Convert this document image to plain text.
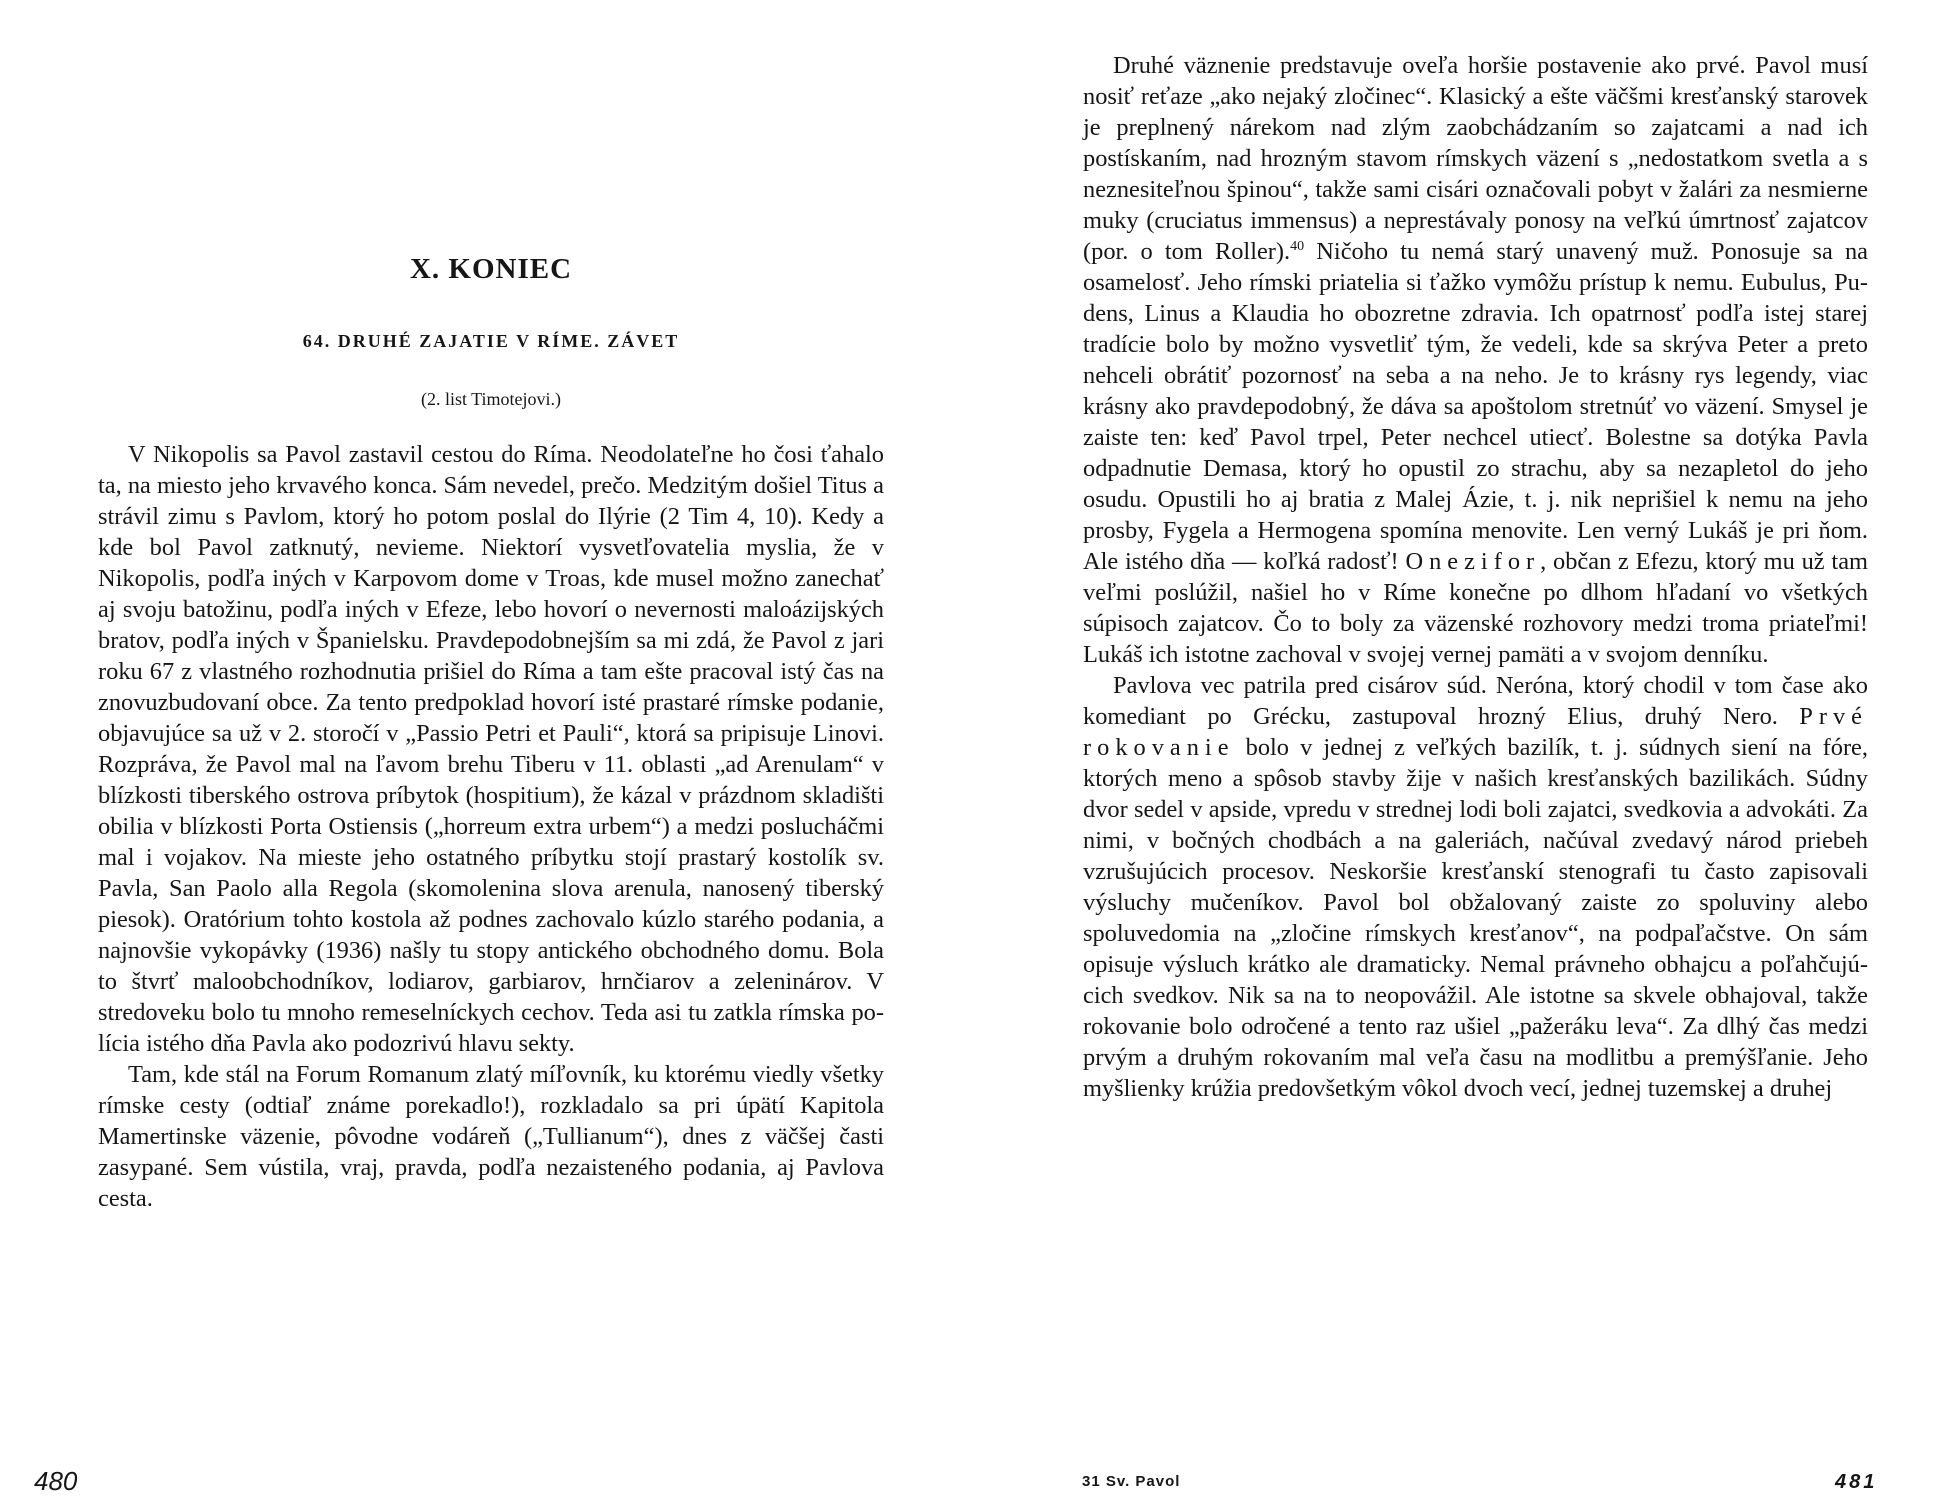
X. KONIEC
64. DRUHÉ ZAJATIE V RÍME. ZÁVET
(2. list Timotejovi.)

V Nikopolis sa Pavol zastavil cestou do Ríma. Neodolateľne ho čosi ťahalo ta, na miesto jeho krvavého konca. Sám nevedel, prečo. Medzitým došiel Titus a strávil zimu s Pavlom, ktorý ho potom poslal do Ilýrie (2 Tim 4, 10). Kedy a kde bol Pavol zatknutý, nevieme. Niektorí vysvetľovatelia myslia, že v Nikopolis, podľa iných v Karpovom dome v Troas, kde musel možno zanechať aj svoju batožinu, podľa iných v Efeze, lebo hovorí o nevernosti maloázijských bratov, podľa iných v Španielsku. Pravdepodobnejším sa mi zdá, že Pavol z jari roku 67 z vlastného rozhodnutia prišiel do Ríma a tam ešte pracoval istý čas na znovuzbudovaní obce. Za tento predpoklad hovorí isté prastaré rímske podanie, objavujúce sa už v 2. storočí v „Passio Petri et Pauli“, ktorá sa pripisuje Linovi. Rozpráva, že Pavol mal na ľavom brehu Tiberu v 11. oblasti „ad Arenulam“ v blízkosti tiberského ostrova príbytok (hospitium), že kázal v prázdnom skladišti obilia v blízkosti Porta Ostiensis („horreum extra urbem“) a medzi poslucháčmi mal i vojakov. Na mieste jeho ostatného príbytku stojí prastarý kostolík sv. Pavla, San Paolo alla Regola (skomolenina slova arenula, nanosený tiberský piesok). Oratórium tohto kostola až podnes zachovalo kúzlo starého podania, a najnovšie vykopávky (1936) našly tu stopy antického obchodného domu. Bola to štvrť maloobchodníkov, lodiarov, garbiarov, hrnčiarov a zeleninárov. V stredoveku bolo tu mnoho remeselníckych cechov. Teda asi tu zatkla rímska polícia istého dňa Pavla ako podozrivú hlavu sekty.

Tam, kde stál na Forum Romanum zlatý míľovník, ku ktorému viedly všetky rímske cesty (odtiaľ známe porekadlo!), rozkladalo sa pri úpätí Kapitola Mamertinske väzenie, pôvodne vodáreň („Tullianum“), dnes z väčšej časti zasypané. Sem vústila, vraj, pravda, podľa nezaisteného podania, aj Pavlova cesta.

480

Druhé väznenie predstavuje oveľa horšie postavenie ako prvé. Pavol musí nosiť reťaze „ako nejaký zločinec“. Klasický a ešte väčšmi kresťanský starovek je preplnený nárekom nad zlým zaobchádzaním so zajatcami a nad ich postískaním, nad hrozným stavom rímskych väzení s „nedostatkom svetla a s neznesiteľnou špinou“, takže sami cisári označovali pobyt v žalári za nesmierne muky (cruciatus immensus) a neprestávaly ponosy na veľkú úmrtnosť zajatcov (por. o tom Roller).$^{40}$ Ničoho tu nemá starý unavený muž. Ponosuje sa na osamelosť. Jeho rímski priatelia si ťažko vymôžu prístup k nemu. Eubulus, Pudens, Linus a Klaudia ho obozretne zdravia. Ich opatrnosť podľa istej starej tradície bolo by možno vysvetliť tým, že vedeli, kde sa skrýva Peter a preto nehceli obrátiť pozornosť na seba a na neho. Je to krásny rys legendy, viac krásny ako pravdepodobný, že dáva sa apoštolom stretnúť vo väzení. Smysel je zaiste ten: keď Pavol trpel, Peter nechcel utiecť. Bolestne sa dotýka Pavla odpadnutie Demasa, ktorý ho opustil zo strachu, aby sa nezapletol do jeho osudu. Opustili ho aj bratia z Malej Ázie, t. j. nik neprišiel k nemu na jeho prosby, Fygela a Hermogena spomína menovite. Len verný Lukáš je pri ňom. Ale istého dňa — koľká radosť! Onezifor, občan z Efezu, ktorý mu už tam veľmi poslúžil, našiel ho v Ríme konečne po dlhom hľadaní vo všetkých súpisoch zajatcov. Čo to boly za väzenské rozhovory medzi troma priateľmi! Lukáš ich istotne zachoval v svojej vernej pamäti a v svojom denníku.

Pavlova vec patrila pred cisárov súd. Neróna, ktorý chodil v tom čase ako komediant po Grécku, zastupoval hrozný Elius, druhý Nero. Prvé rokovanie bolo v jednej z veľkých bazilík, t. j. súdnych siení na fóre, ktorých meno a spôsob stavby žije v našich kresťanských bazilikách. Súdny dvor sedel v apside, vpredu v strednej lodi boli zajatci, svedkovia a advokáti. Za nimi, v bočných chodbách a na galeriách, načúval zvedavý národ priebeh vzrušujúcich procesov. Neskoršie kresťanskí stenografi tu často zapisovali výsluchy mučeníkov. Pavol bol obžalovaný zaiste zo spoluviny alebo spoluvedomia na „zločine rímskych kresťanov“, na podpaľačstve. On sám opisuje výsluch krátko ale dramaticky. Nemal právneho obhajcu a poľahčujúcich svedkov. Nik sa na to neopovážil. Ale istotne sa skvele obhajoval, takže rokovanie bolo odročené a tento raz ušiel „pažeráku leva“. Za dlhý čas medzi prvým a druhým rokovaním mal veľa času na modlitbu a premýšľanie. Jeho myšlienky krúžia predovšetkým vôkol dvoch vecí, jednej tuzemskej a druhej

31 Sv. Pavol	481
